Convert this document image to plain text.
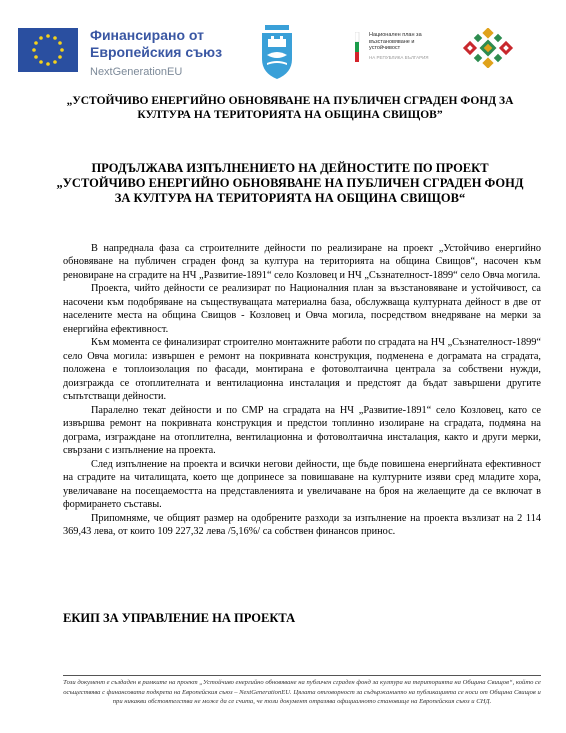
Финансирано от
Европейския съюз
NextGenerationEU
Национален план за възстановяване и устойчивост
НА РЕПУБЛИКА БЪЛГАРИЯ
„УСТОЙЧИВО ЕНЕРГИЙНО ОБНОВЯВАНЕ НА ПУБЛИЧЕН СГРАДЕН ФОНД ЗА КУЛТУРА НА ТЕРИТОРИЯТА НА ОБЩИНА СВИЩОВ”
ПРОДЪЛЖАВА ИЗПЪЛНЕНИЕТО НА ДЕЙНОСТИТЕ ПО ПРОЕКТ „УСТОЙЧИВО ЕНЕРГИЙНО ОБНОВЯВАНЕ НА ПУБЛИЧЕН СГРАДЕН ФОНД ЗА КУЛТУРА НА ТЕРИТОРИЯТА НА ОБЩИНА СВИЩОВ“

В напреднала фаза са строителните дейности по реализиране на проект „Устойчиво енергийно обновяване на публичен сграден фонд за култура на територията на община Свищов“, насочен към реновиране на сградите на НЧ „Развитие-1891“ село Козловец и НЧ „Съзнателност-1899“ село Овча могила.

Проекта, чийто дейности се реализират по Националния план за възстановяване и устойчивост, са насочени към подобряване на съществуващата материална база, обслужваща културната дейност в две от населените места на община Свищов - Козловец и Овча могила, посредством внедряване на мерки за енергийна ефективност.

Към момента се финализират строително монтажните работи по сградата на НЧ „Съзнателност-1899“ село Овча могила: извършен е ремонт на покривната конструкция, подменена е дограмата на сградата, положена е топлоизолация по фасади, монтирана е фотоволтаична централа за собствени нужди, доизгражда се отоплителната и вентилационна инсталация и предстоят да бъдат завършени другите съпътстващи дейности.

Паралелно текат дейности и по СМР на сградата на НЧ „Развитие-1891“ село Козловец, като се извършва ремонт на покривната конструкция и предстои топлинно изолиране на сградата, подмяна на дограма, изграждане на отоплителна, вентилационна и фотоволтаична инсталация, както и други мерки, свързани с изпълнение на проекта.

След изпълнение на проекта и всички негови дейности, ще бъде повишена енергийната ефективност на сградите на читалищата, което ще допринесе за повишаване на културните изяви сред младите хора, увеличаване на посещаемостта на представленията и увеличаване на броя на желаещите да се включат в формирането съставы.

Припомняме, че общият размер на одобрените разходи за изпълнение на проекта възлизат на 2 114 369,43 лева, от които 109 227,32 лева /5,16%/ са собствен финансов принос.

ЕКИП ЗА УПРАВЛЕНИЕ НА ПРОЕКТА
Този документ е създаден в рамките на проект „Устойчиво енергийно обновяване на публичен сграден фонд за култура на територията на Община Свищов“, който се осъществява с финансовата подкрепа на Европейския съюз – NextGenerationEU. Цялата отговорност за съдържанието на публикацията се носи от Община Свищов и при никакви обстоятелства не може да се счита, че този документ отразява официалното становище на Европейския съюз и СНД.
